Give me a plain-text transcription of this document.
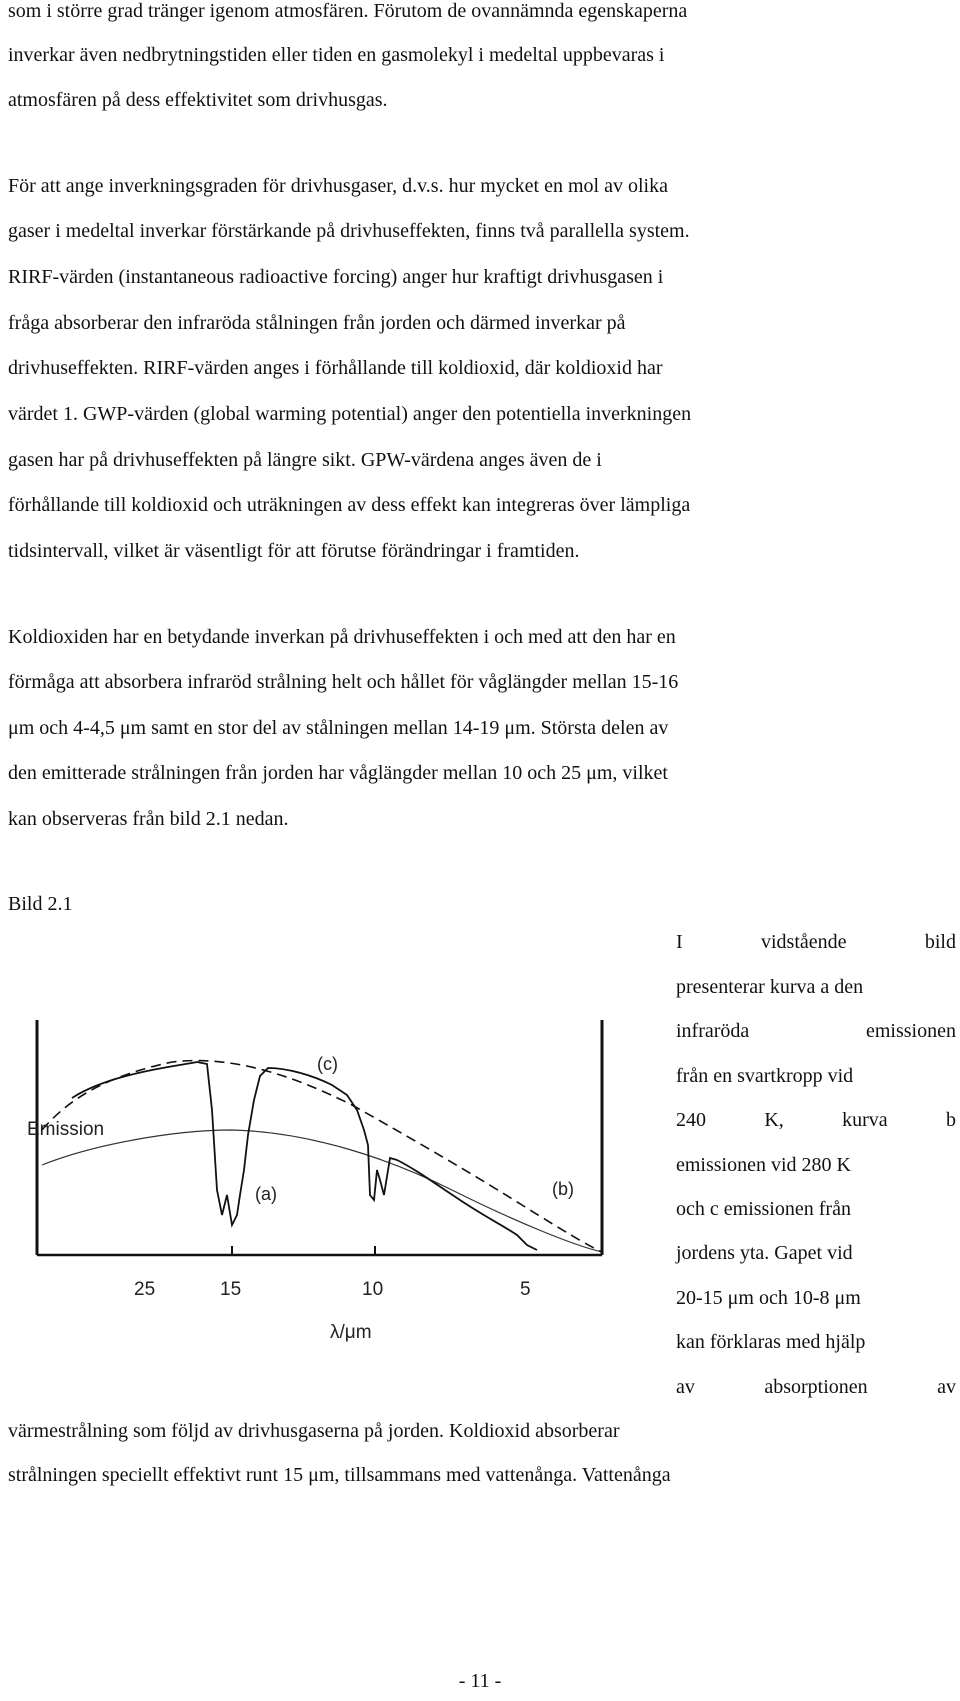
som i större grad tränger igenom atmosfären. Förutom de ovannämnda egenskaperna
inverkar även nedbrytningstiden eller tiden en gasmolekyl i medeltal uppbevaras i
atmosfären på dess effektivitet som drivhusgas.
För att ange inverkningsgraden för drivhusgaser, d.v.s. hur mycket en mol av olika
gaser i medeltal inverkar förstärkande på drivhuseffekten, finns två parallella system.
RIRF-värden (instantaneous radioactive forcing) anger hur kraftigt drivhusgasen i
fråga absorberar den infraröda stålningen från jorden och därmed inverkar på
drivhuseffekten. RIRF-värden anges i förhållande till koldioxid, där koldioxid har
värdet 1. GWP-värden (global warming potential) anger den potentiella inverkningen
gasen har på drivhuseffekten på längre sikt. GPW-värdena anges även de i
förhållande till koldioxid och uträkningen av dess effekt kan integreras över lämpliga
tidsintervall, vilket är väsentligt för att förutse förändringar i framtiden.
Koldioxiden har en betydande inverkan på drivhuseffekten i och med att den har en
förmåga att absorbera infraröd strålning helt och hållet för våglängder mellan 15-16
μm och 4-4,5 μm samt en stor del av stålningen mellan 14-19 μm. Största delen av
den emitterade strålningen från jorden har våglängder mellan 10 och 25 μm, vilket
kan observeras från bild 2.1 nedan.
Bild 2.1
Emission
(c)
(a)	(b)
25	15	10	5
λ/μm
I	vidstående	bild
presenterar kurva a den
infraröda	emissionen
från en svartkropp vid
240	K,	kurva	b
emissionen vid 280 K
och c emissionen från
jordens yta. Gapet vid
20-15 μm och 10-8 μm
kan förklaras med hjälp
av	absorptionen	av
värmestrålning som följd av drivhusgaserna på jorden. Koldioxid absorberar
strålningen speciellt effektivt runt 15 μm, tillsammans med vattenånga. Vattenånga
- 11 -
